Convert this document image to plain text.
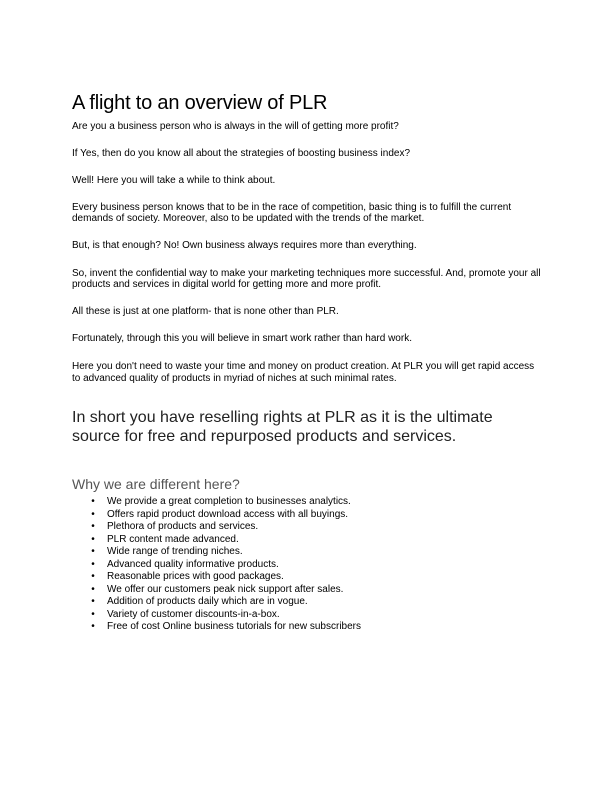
A flight to an overview of PLR

Are you a business person who is always in the will of getting more profit?

If Yes, then do you know all about the strategies of boosting business index?

Well! Here you will take a while to think about.

Every business person knows that to be in the race of competition, basic thing is to fulfill the current demands of society. Moreover, also to be updated with the trends of the market.

But, is that enough? No! Own business always requires more than everything.

So, invent the confidential way to make your marketing techniques more successful. And, promote your all products and services in digital world for getting more and more profit.

All these is just at one platform- that is none other than PLR.

Fortunately, through this you will believe in smart work rather than hard work.

Here you don't need to waste your time and money on product creation. At PLR you will get rapid access to advanced quality of products in myriad of niches at such minimal rates.

In short you have reselling rights at PLR as it is the ultimate source for free and repurposed products and services.

Why we are different here?

• We provide a great completion to businesses analytics.
• Offers rapid product download access with all buyings.
• Plethora of products and services.
• PLR content made advanced.
• Wide range of trending niches.
• Advanced quality informative products.
• Reasonable prices with good packages.
• We offer our customers peak nick support after sales.
• Addition of products daily which are in vogue.
• Variety of customer discounts-in-a-box.
• Free of cost Online business tutorials for new subscribers
